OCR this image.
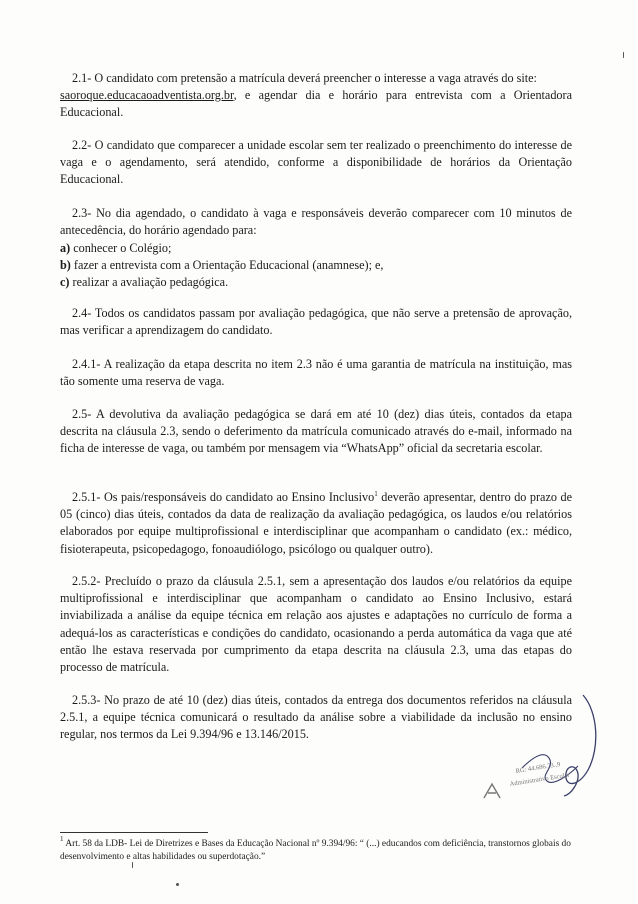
2.1- O candidato com pretensão a matrícula deverá preencher o interesse a vaga através do site:
saoroque.educacaoadventista.org.br, e agendar dia e horário para entrevista com a Orientadora Educacional.

2.2- O candidato que comparecer a unidade escolar sem ter realizado o preenchimento do interesse de vaga e o agendamento, será atendido, conforme a disponibilidade de horários da Orientação Educacional.

2.3- No dia agendado, o candidato à vaga e responsáveis deverão comparecer com 10 minutos de antecedência, do horário agendado para:

a) conhecer o Colégio;
b) fazer a entrevista com a Orientação Educacional (anamnese); e,
c) realizar a avaliação pedagógica.

2.4- Todos os candidatos passam por avaliação pedagógica, que não serve a pretensão de aprovação, mas verificar a aprendizagem do candidato.

2.4.1- A realização da etapa descrita no item 2.3 não é uma garantia de matrícula na instituição, mas tão somente uma reserva de vaga.

2.5- A devolutiva da avaliação pedagógica se dará em até 10 (dez) dias úteis, contados da etapa descrita na cláusula 2.3, sendo o deferimento da matrícula comunicado através do e-mail, informado na ficha de interesse de vaga, ou também por mensagem via “WhatsApp” oficial da secretaria escolar.

2.5.1- Os pais/responsáveis do candidato ao Ensino Inclusivo$^1$ deverão apresentar, dentro do prazo de 05 (cinco) dias úteis, contados da data de realização da avaliação pedagógica, os laudos e/ou relatórios elaborados por equipe multiprofissional e interdisciplinar que acompanham o candidato (ex.: médico, fisioterapeuta, psicopedagogo, fonoaudiólogo, psicólogo ou qualquer outro).

2.5.2- Precluído o prazo da cláusula 2.5.1, sem a apresentação dos laudos e/ou relatórios da equipe multiprofissional e interdisciplinar que acompanham o candidato ao Ensino Inclusivo, estará inviabilizada a análise da equipe técnica em relação aos ajustes e adaptações no currículo de forma a adequá-los as características e condições do candidato, ocasionando a perda automática da vaga que até então lhe estava reservada por cumprimento da etapa descrita na cláusula 2.3, uma das etapas do processo de matrícula.

2.5.3- No prazo de até 10 (dez) dias úteis, contados da entrega dos documentos referidos na cláusula 2.5.1, a equipe técnica comunicará o resultado da análise sobre a viabilidade da inclusão no ensino regular, nos termos da Lei 9.394/96 e 13.146/2015.

RG: 44.686.73..9
Administrativo Escolar

$^1$ Art. 58 da LDB- Lei de Diretrizes e Bases da Educação Nacional nº 9.394/96: “ (...) educandos com deficiência, transtornos globais do desenvolvimento e altas habilidades ou superdotação.”
